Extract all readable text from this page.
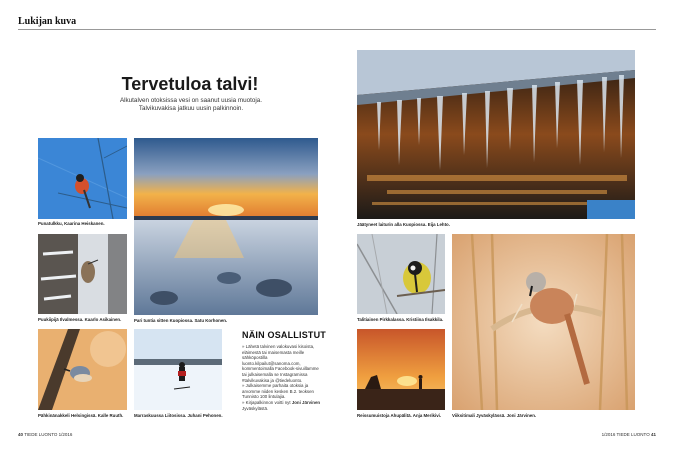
Lukijan kuva
Tervetuloa talvi!
Alkutalven otoksissa vesi on saanut uusia muotoja.
Talvikuvakisa jatkuu uusin palkinnoin.
Punatulkku, Kaarina Heiskanen.
Pari tuntia sitten Kuopiossa. Satu Korhonen.
Jäätyneet laiturin alla Kuopiossa. Eija Lehto.
Puukiipijä Ilvalmessa. Kaarlo Asikainen.	Talitiainen Pirkkalassa. Kristiina Ilsakkila.
Viiksitimali Jyväskylässä. Joni Järvinen.
Pähkinänakkeli Helsingissä. Kalle Ruuth. Marraskuussa Liitosissa. Juhani Pehonen.	Reissumuistoja Ahupälitä. Anja Merikivi.
NÄIN OSALLISTUT

» Lähetä talvinen valokuvasi kisoista, eläimestä tai maisemasta meille sähköpostilla luonto.kilpailut@sanoma.com, kommentoimalla Facebook-sivuillamme tai julkaisemalla se Instagramissa #talvikuvakisa ja @tiedeluonto.

» Julkaisemme parhaita otoksia ja arvomme niiden kesken B.2. teoksen Tunnisto 100 lintulajia.

» Kirjapalkinnon voitti nyt Joni Järvinen Jyväskylästä.

40 TIEDE LUONTO 1/2016	1/2016 TIEDE LUONTO 41
